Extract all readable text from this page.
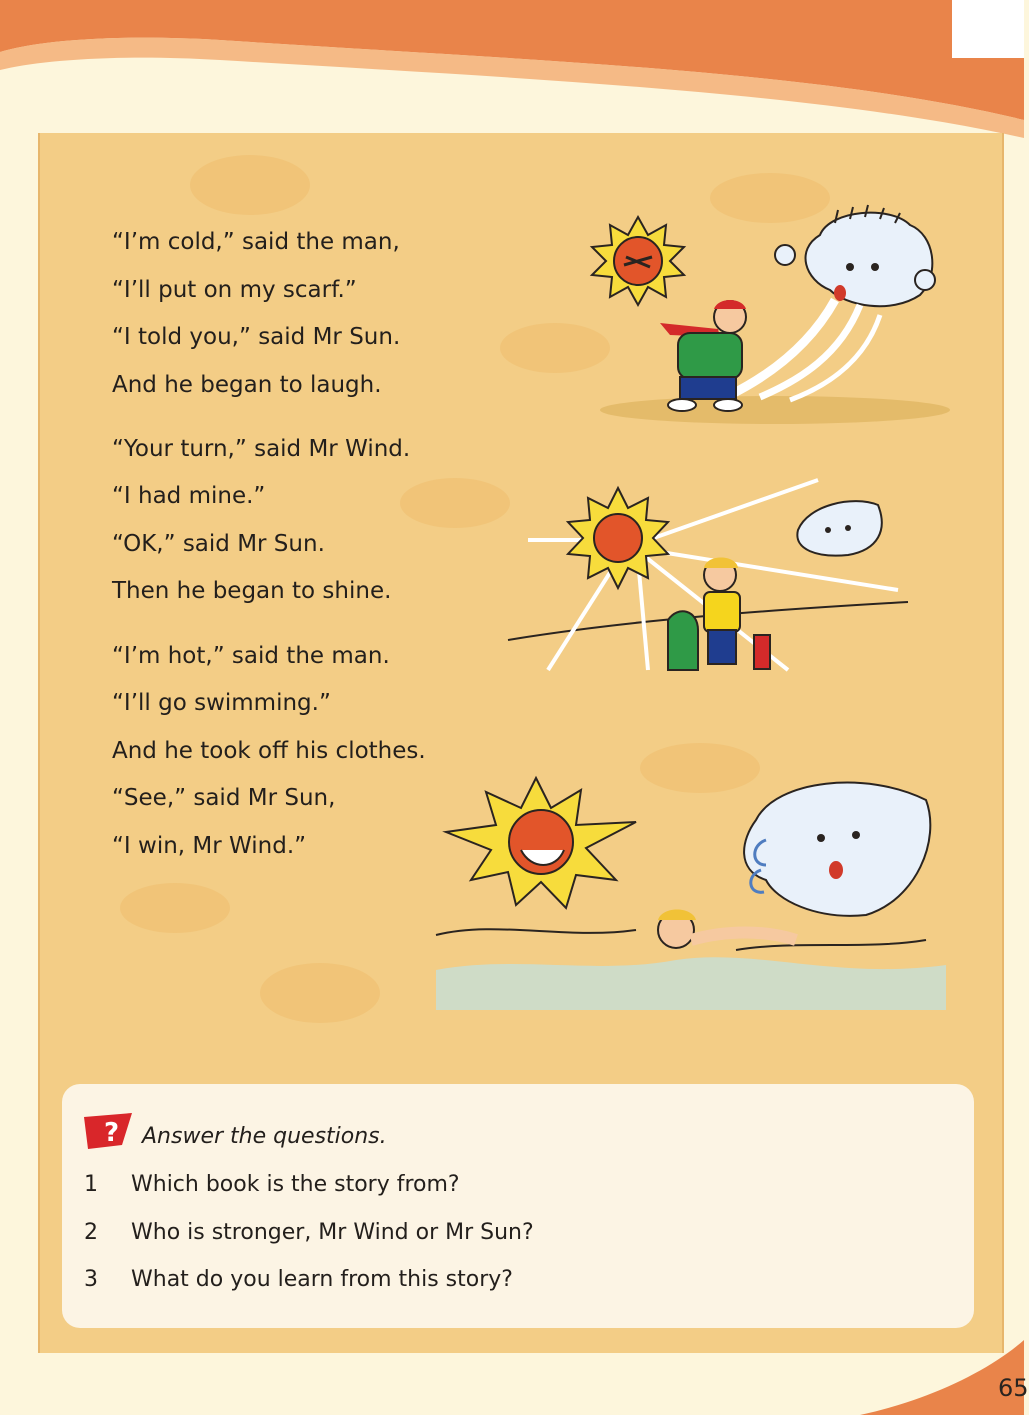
“I’m cold,” said the man,
“I’ll put on my scarf.”
“I told you,” said Mr Sun.
And he began to laugh.
“Your turn,” said Mr Wind.
“I had mine.”
“OK,” said Mr Sun.
Then he began to shine.
“I’m hot,” said the man.
“I’ll go swimming.”
And he took off his clothes.
“See,” said Mr Sun,
“I win, Mr Wind.”
? Answer the questions.
1 Which book is the story from?
2 Who is stronger, Mr Wind or Mr Sun?
3 What do you learn from this story?
65
